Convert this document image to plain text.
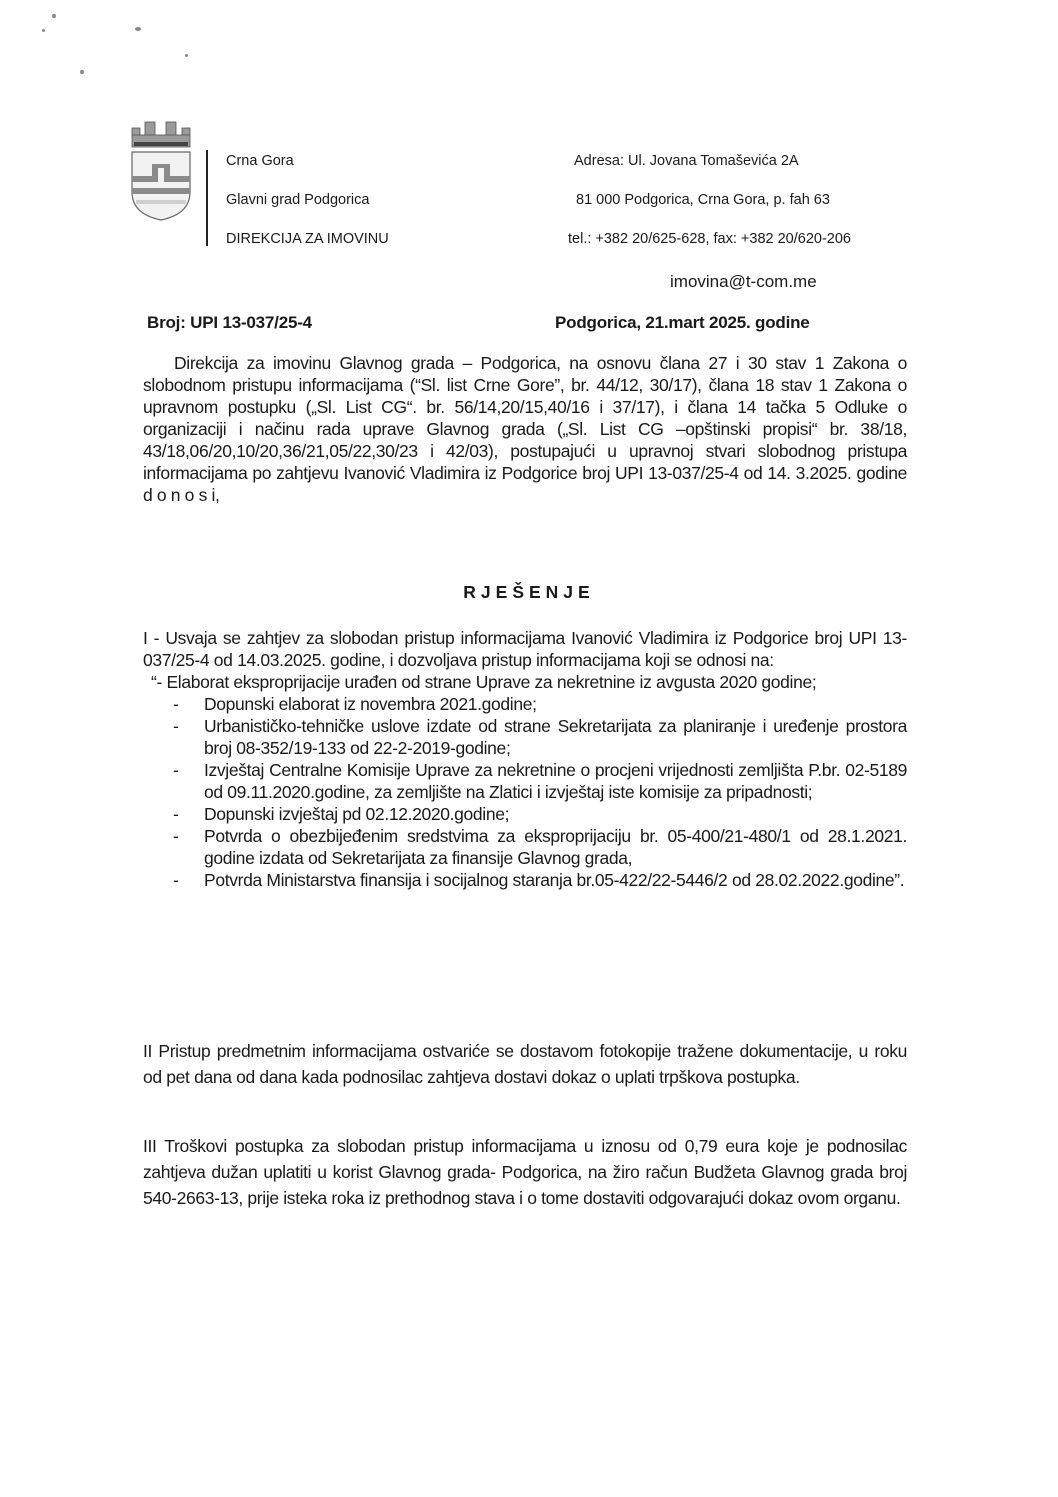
Crna Gora
Glavni grad Podgorica
DIREKCIJA ZA IMOVINU
Adresa: Ul. Jovana Tomaševića 2A
81 000 Podgorica, Crna Gora, p. fah 63
tel.: +382 20/625-628, fax: +382 20/620-206
imovina@t-com.me
Broj: UPI 13-037/25-4	Podgorica, 21.mart 2025. godine
Direkcija za imovinu Glavnog grada – Podgorica, na osnovu člana 27 i 30 stav 1 Zakona o slobodnom pristupu informacijama (“Sl. list Crne Gore”, br. 44/12, 30/17), člana 18 stav 1 Zakona o upravnom postupku („Sl. List CG“. br. 56/14,20/15,40/16 i 37/17), i člana 14 tačka 5 Odluke o organizaciji i načinu rada uprave Glavnog grada („Sl. List CG –opštinski propisi“ br. 38/18, 43/18,06/20,10/20,36/21,05/22,30/23 i 42/03), postupajući u upravnoj stvari slobodnog pristupa informacijama po zahtjevu Ivanović Vladimira iz Podgorice broj UPI 13-037/25-4 od 14. 3.2025. godine d o n o s i,
RJEŠENJE

I - Usvaja se zahtjev za slobodan pristup informacijama Ivanović Vladimira iz Podgorice broj UPI 13-037/25-4 od 14.03.2025. godine, i dozvoljava pristup informacijama koji se odnosi na:

“- Elaborat eksproprijacije urađen od strane Uprave za nekretnine iz avgusta 2020 godine;

- Dopunski elaborat iz novembra 2021.godine;
- Urbanističko-tehničke uslove izdate od strane Sekretarijata za planiranje i uređenje prostora broj 08-352/19-133 od 22-2-2019-godine;
- Izvještaj Centralne Komisije Uprave za nekretnine o procjeni vrijednosti zemljišta P.br. 02-5189 od 09.11.2020.godine, za zemljište na Zlatici i izvještaj iste komisije za pripadnosti;
- Dopunski izvještaj pd 02.12.2020.godine;
- Potvrda o obezbijeđenim sredstvima za eksproprijaciju br. 05-400/21-480/1 od 28.1.2021. godine izdata od Sekretarijata za finansije Glavnog grada,
- Potvrda Ministarstva finansija i socijalnog staranja br.05-422/22-5446/2 od 28.02.2022.godine”.
II Pristup predmetnim informacijama ostvariće se dostavom fotokopije tražene dokumentacije, u roku od pet dana od dana kada podnosilac zahtjeva dostavi dokaz o uplati trpškova postupka.
III Troškovi postupka za slobodan pristup informacijama u iznosu od 0,79 eura koje je podnosilac zahtjeva dužan uplatiti u korist Glavnog grada- Podgorica, na žiro račun Budžeta Glavnog grada broj 540-2663-13, prije isteka roka iz prethodnog stava i o tome dostaviti odgovarajući dokaz ovom organu.
